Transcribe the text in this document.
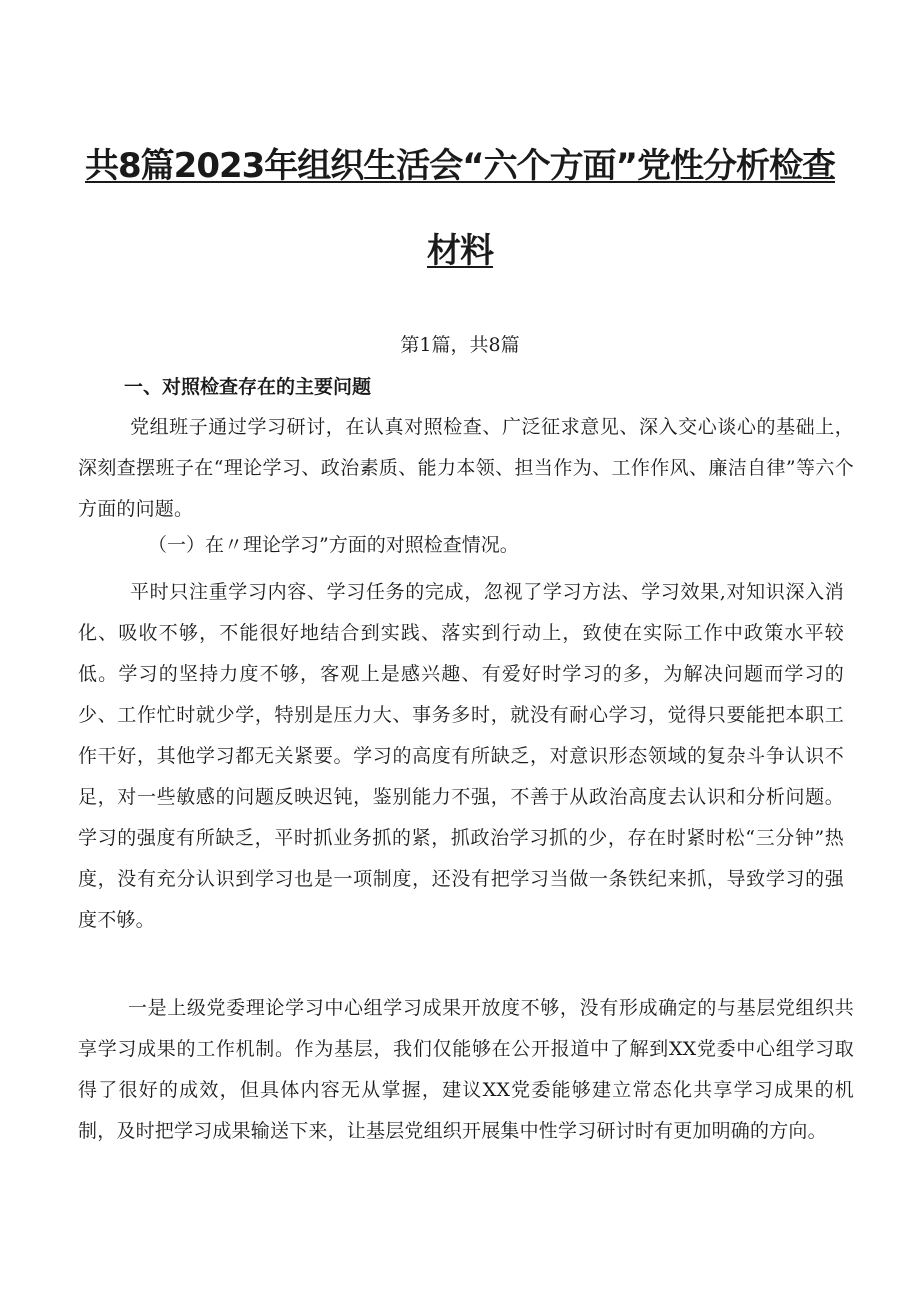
共8篇2023年组织生活会“六个方面”党性分析检查
材料

第1篇，共8篇

一、对照检查存在的主要问题

党组班子通过学习研讨，在认真对照检查、广泛征求意见、深入交心谈心的基础上，深刻查摆班子在“理论学习、政治素质、能力本领、担当作为、工作作风、廉洁自律”等六个方面的问题。

（一）在〃理论学习”方面的对照检查情况。

平时只注重学习内容、学习任务的完成，忽视了学习方法、学习效果,对知识深入消化、吸收不够，不能很好地结合到实践、落实到行动上，致使在实际工作中政策水平较低。学习的坚持力度不够，客观上是感兴趣、有爱好时学习的多，为解决问题而学习的少、工作忙时就少学，特别是压力大、事务多时，就没有耐心学习，觉得只要能把本职工作干好，其他学习都无关紧要。学习的高度有所缺乏，对意识形态领域的复杂斗争认识不足，对一些敏感的问题反映迟钝，鉴别能力不强，不善于从政治高度去认识和分析问题。学习的强度有所缺乏，平时抓业务抓的紧，抓政治学习抓的少，存在时紧时松“三分钟”热度，没有充分认识到学习也是一项制度，还没有把学习当做一条铁纪来抓，导致学习的强度不够。

一是上级党委理论学习中心组学习成果开放度不够，没有形成确定的与基层党组织共享学习成果的工作机制。作为基层，我们仅能够在公开报道中了解到XX党委中心组学习取得了很好的成效，但具体内容无从掌握，建议XX党委能够建立常态化共享学习成果的机制，及时把学习成果输送下来，让基层党组织开展集中性学习研讨时有更加明确的方向。
